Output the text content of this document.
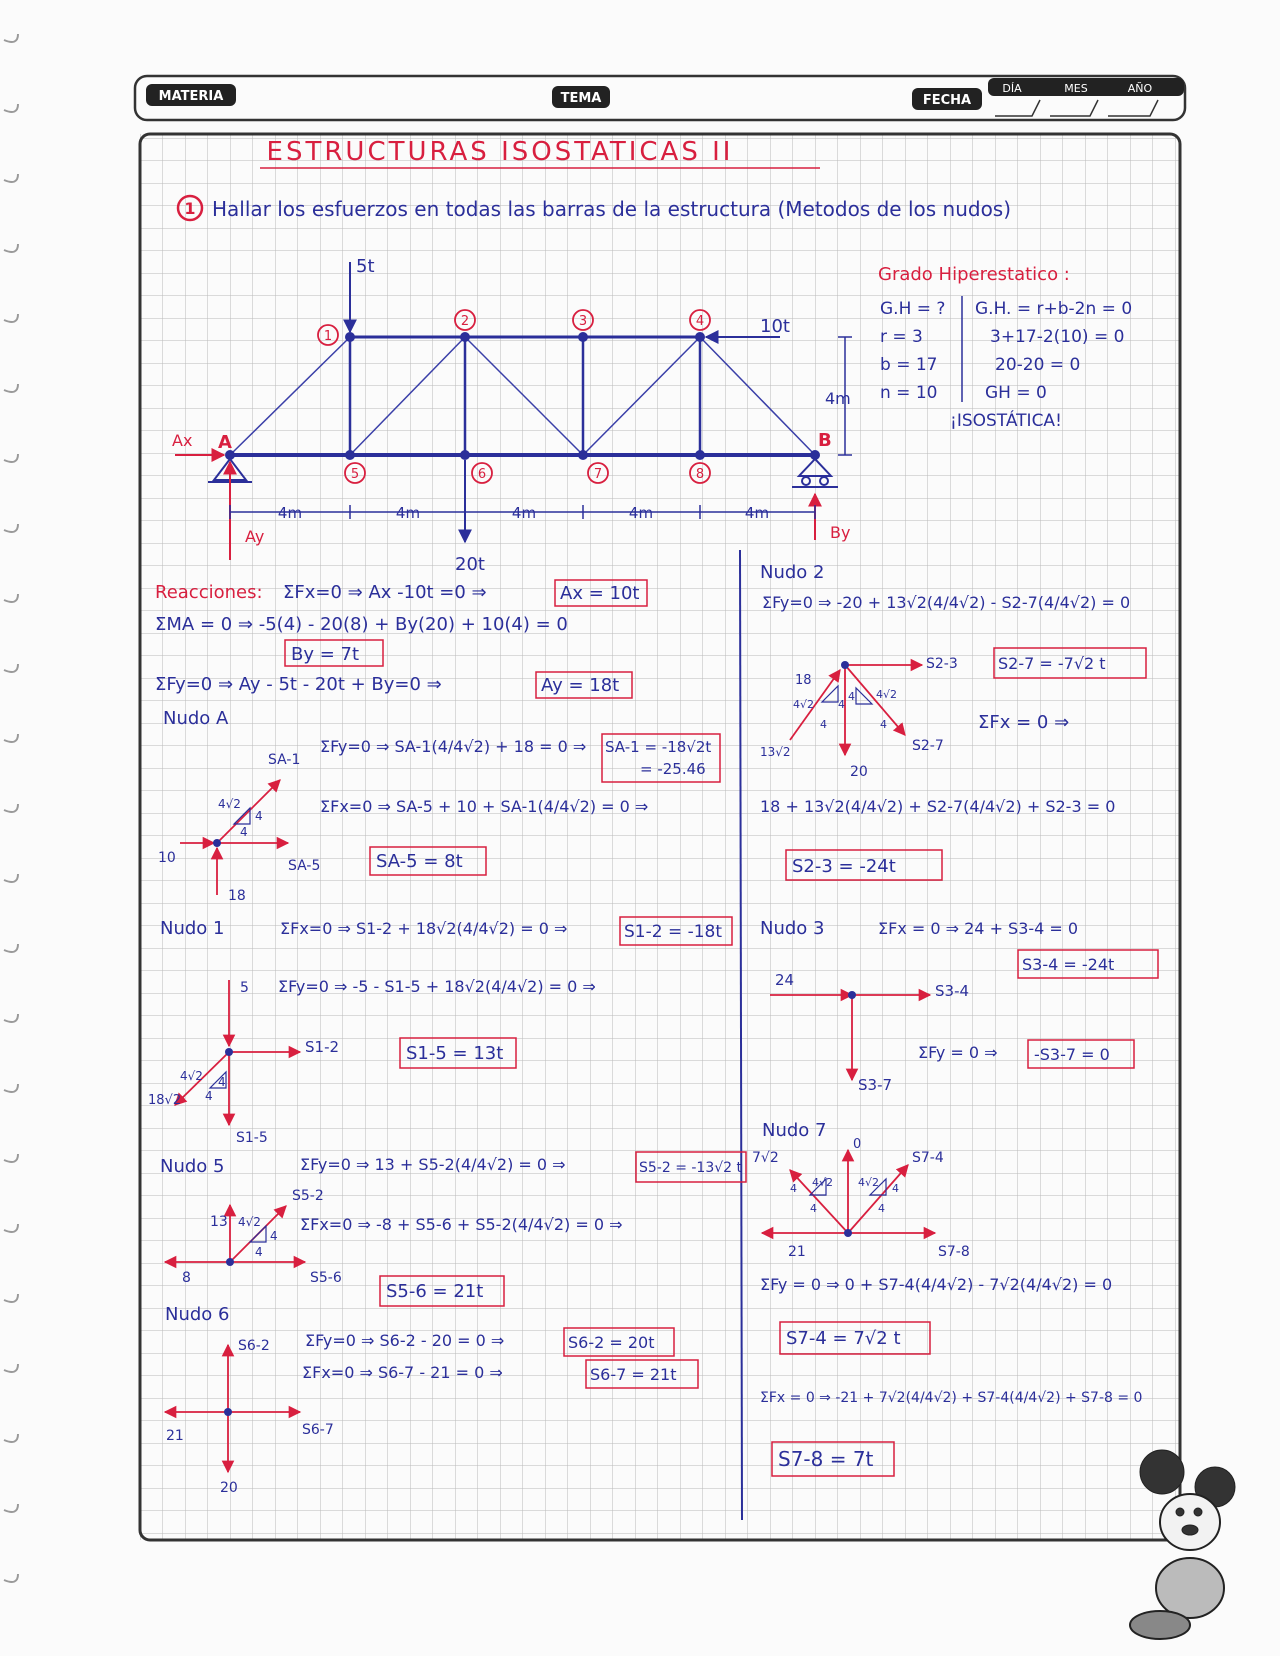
MATERIA	TEMA	FECHA
DÍA	MES	AÑO
ESTRUCTURAS ISOSTATICAS II
1 Hallar los esfuerzos en todas las barras de la estructura (Metodos de los nudos)
5t
10t
20t
4m
4m	4m	4m	4m	4m
A	B
Ax
Ay	By
1
2	3	4
5	6	7	8
Grado Hiperestatico :
G.H = ?
r = 3
b = 17
n = 10
G.H. = r+b-2n = 0
3+17-2(10) = 0
20-20 = 0
GH = 0
¡ISOSTÁTICA!
Reacciones: ΣFx=0 ⇒ Ax -10t =0 ⇒	Ax = 10t
ΣMA = 0 ⇒ -5(4) - 20(8) + By(20) + 10(4) = 0
By = 7t
ΣFy=0 ⇒ Ay - 5t - 20t + By=0 ⇒	Ay = 18t
Nudo A
ΣFy=0 ⇒ SA-1(4/4√2) + 18 = 0 ⇒ SA-1 = -18√2t
= -25.46
ΣFx=0 ⇒ SA-5 + 10 + SA-1(4/4√2) = 0 ⇒
SA-5 = 8t
SA-1
4√2
4
4
10	SA-5
18
Nudo 1	ΣFx=0 ⇒ S1-2 + 18√2(4/4√2) = 0 ⇒	S1-2 = -18t
ΣFy=0 ⇒ -5 - S1-5 + 18√2(4/4√2) = 0 ⇒
S1-5 = 13t
5
S1-2
4√2 4
18√2 4
S1-5
Nudo 5	ΣFy=0 ⇒ 13 + S5-2(4/4√2) = 0 ⇒	S5-2 = -13√2 t
ΣFx=0 ⇒ -8 + S5-6 + S5-2(4/4√2) = 0 ⇒
S5-6 = 21t
S5-2
13 4√2
4
4
8	S5-6
Nudo 6
ΣFy=0 ⇒ S6-2 - 20 = 0 ⇒	S6-2 = 20t
ΣFx=0 ⇒ S6-7 - 21 = 0 ⇒	S6-7 = 21t
S6-2
S6-7
21
20
Nudo 2
ΣFy=0 ⇒ -20 + 13√2(4/4√2) - S2-7(4/4√2) = 0
S2-7 = -7√2 t
ΣFx = 0 ⇒
18 + 13√2(4/4√2) + S2-7(4/4√2) + S2-3 = 0
S2-3 = -24t
S2-3
18
4√2 4
4
4√2
4
4
13√2
20
S2-7
Nudo 3	ΣFx = 0 ⇒ 24 + S3-4 = 0
S3-4 = -24t
ΣFy = 0 ⇒ -S3-7 = 0
24
S3-4
S3-7
Nudo 7
0
7√2	S7-4
4√2
4
4
4√2 4
4
21	S7-8
ΣFy = 0 ⇒ 0 + S7-4(4/4√2) - 7√2(4/4√2) = 0
S7-4 = 7√2 t
ΣFx = 0 ⇒ -21 + 7√2(4/4√2) + S7-4(4/4√2) + S7-8 = 0
S7-8 = 7t
